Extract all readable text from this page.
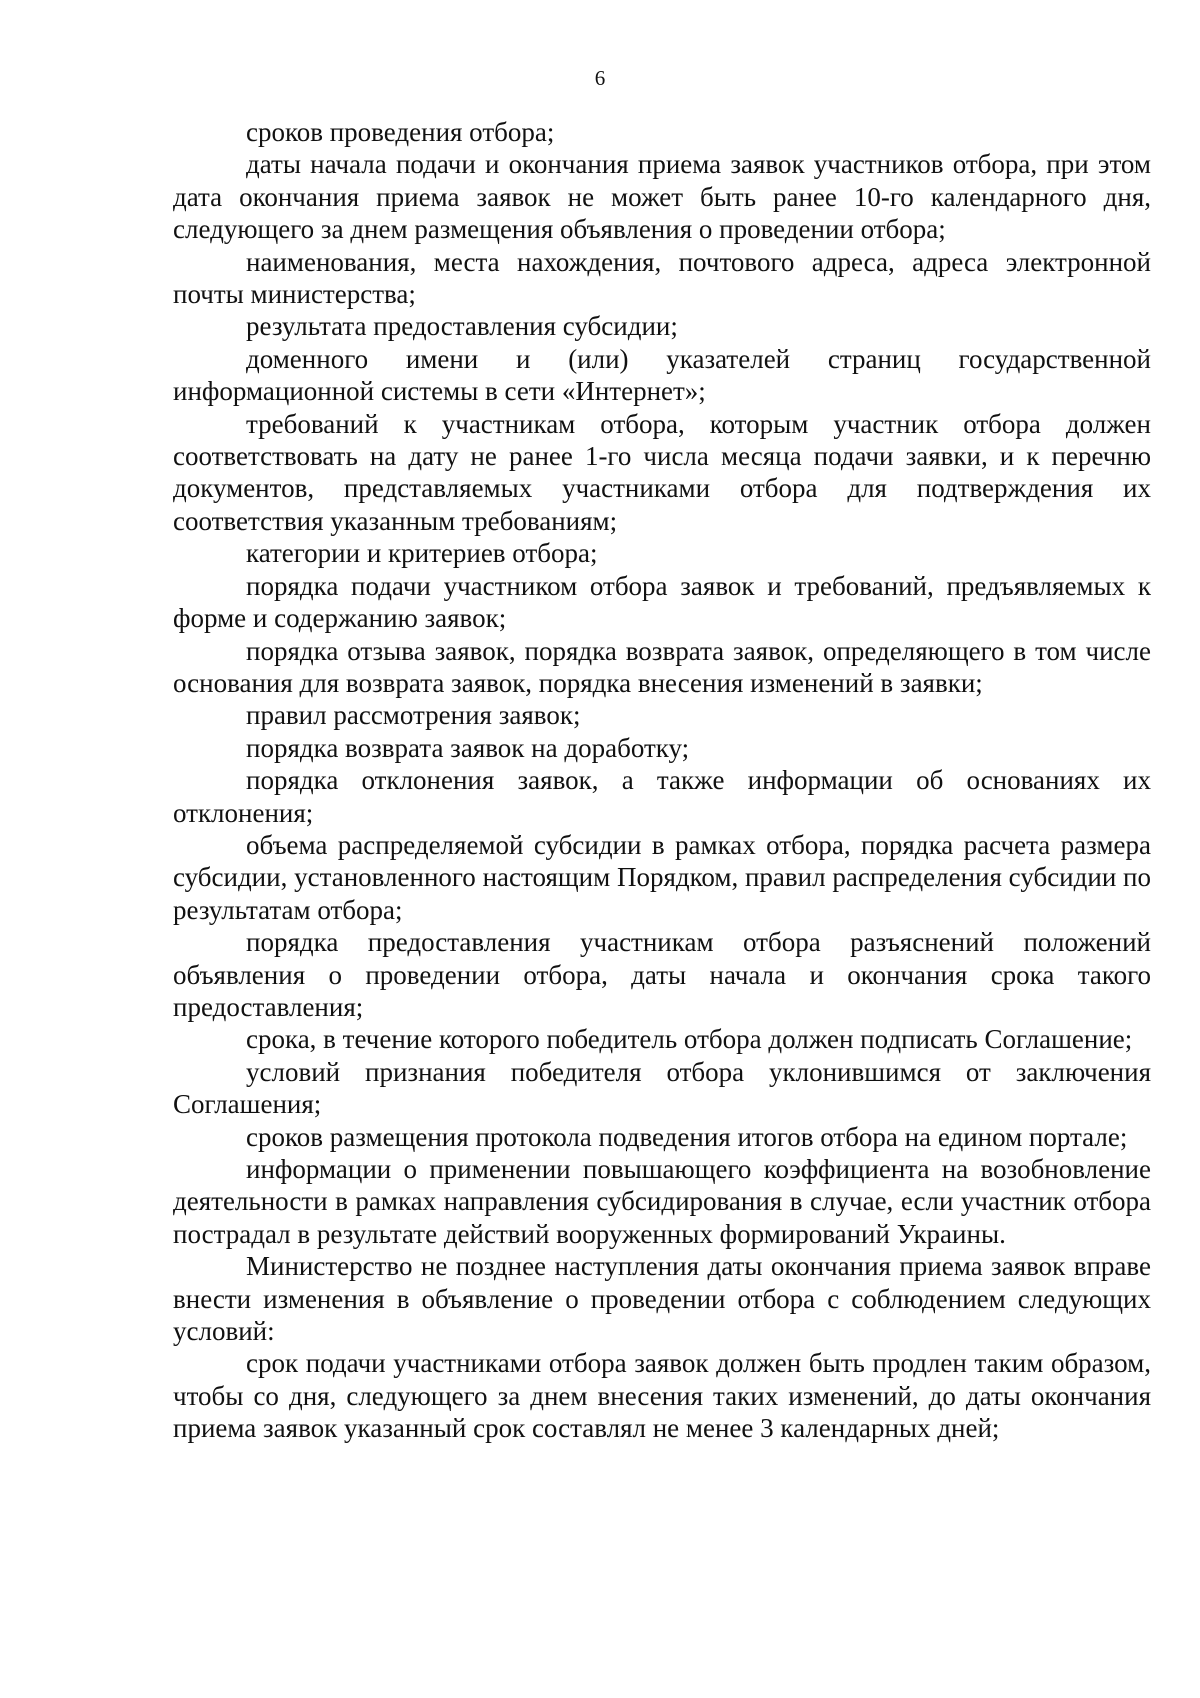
6

сроков проведения отбора;

даты начала подачи и окончания приема заявок участников отбора, при этом дата окончания приема заявок не может быть ранее 10-го календарного дня, следующего за днем размещения объявления о проведении отбора;

наименования, места нахождения, почтового адреса, адреса электронной почты министерства;

результата предоставления субсидии;

доменного имени и (или) указателей страниц государственной информационной системы в сети «Интернет»;

требований к участникам отбора, которым участник отбора должен соответствовать на дату не ранее 1-го числа месяца подачи заявки, и к перечню документов, представляемых участниками отбора для подтверждения их соответствия указанным требованиям;

категории и критериев отбора;

порядка подачи участником отбора заявок и требований, предъявляемых к форме и содержанию заявок;

порядка отзыва заявок, порядка возврата заявок, определяющего в том числе основания для возврата заявок, порядка внесения изменений в заявки;

правил рассмотрения заявок;

порядка возврата заявок на доработку;

порядка отклонения заявок, а также информации об основаниях их отклонения;

объема распределяемой субсидии в рамках отбора, порядка расчета размера субсидии, установленного настоящим Порядком, правил распределения субсидии по результатам отбора;

порядка предоставления участникам отбора разъяснений положений объявления о проведении отбора, даты начала и окончания срока такого предоставления;

срока, в течение которого победитель отбора должен подписать Соглашение;

условий признания победителя отбора уклонившимся от заключения Соглашения;

сроков размещения протокола подведения итогов отбора на едином портале;

информации о применении повышающего коэффициента на возобновление деятельности в рамках направления субсидирования в случае, если участник отбора пострадал в результате действий вооруженных формирований Украины.

Министерство не позднее наступления даты окончания приема заявок вправе внести изменения в объявление о проведении отбора с соблюдением следующих условий:

срок подачи участниками отбора заявок должен быть продлен таким образом, чтобы со дня, следующего за днем внесения таких изменений, до даты окончания приема заявок указанный срок составлял не менее 3 календарных дней;
